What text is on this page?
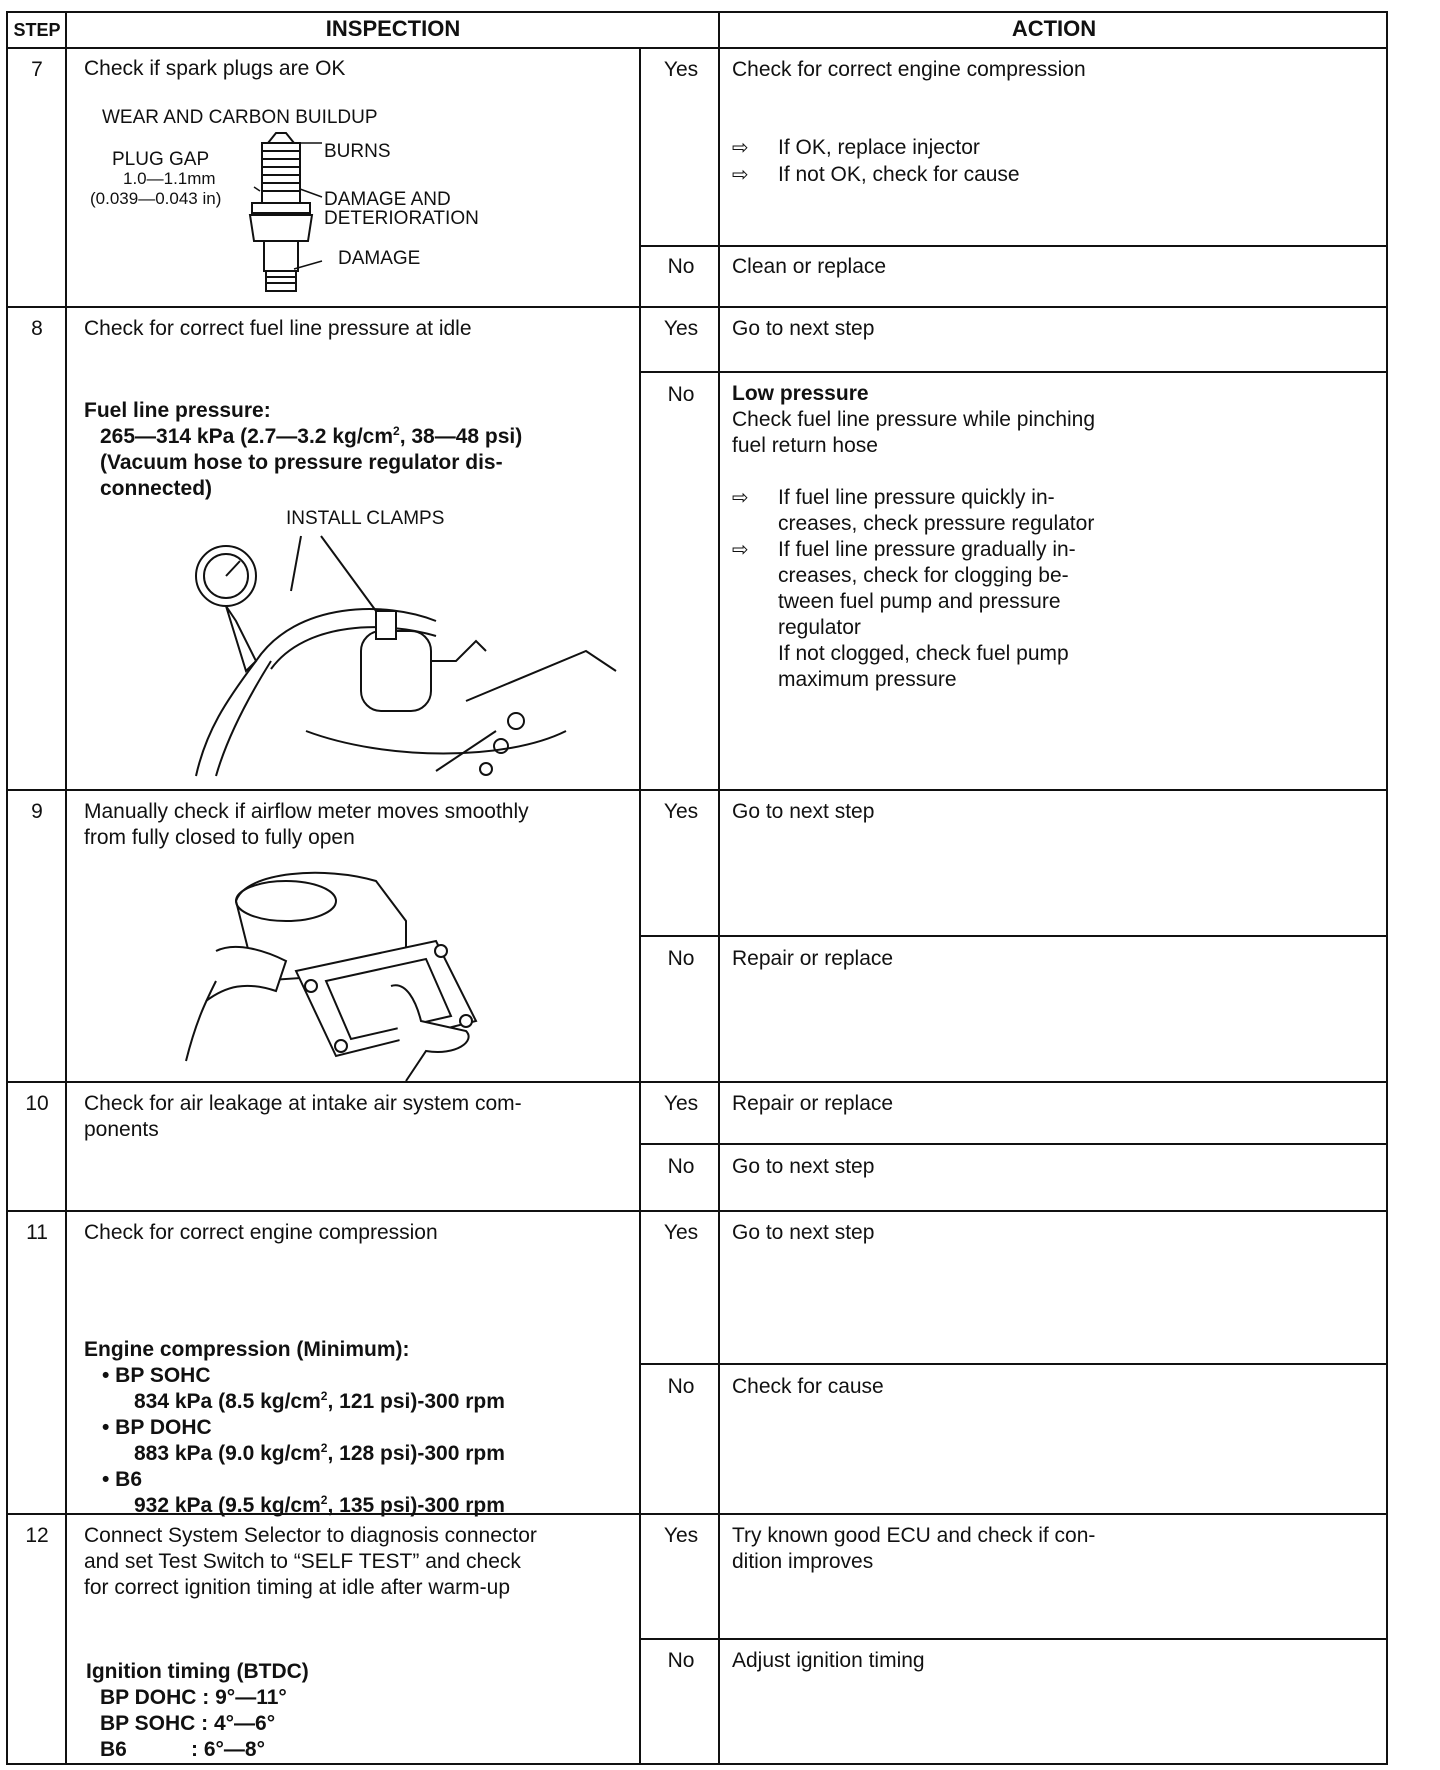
STEP	INSPECTION	ACTION
7	Check if spark plugs are OK
WEAR AND CARBON BUILDUP
PLUG GAP
1.0—1.1mm
(0.039—0.043 in)
BURNS
DAMAGE AND
DETERIORATION
DAMAGE
Yes	Check for correct engine compression
⇨ If OK, replace injector
⇨ If not OK, check for cause
No	Clean or replace
8	Check for correct fuel line pressure at idle
Fuel line pressure:
265—314 kPa (2.7—3.2 $kg/cm^2$, 38—48 psi)
(Vacuum hose to pressure regulator dis-
connected)
INSTALL CLAMPS
Yes	Go to next step
No	Low pressure
Check fuel line pressure while pinching
fuel return hose
⇨ If fuel line pressure quickly in-
creases, check pressure regulator
⇨ If fuel line pressure gradually in-
creases, check for clogging be-
tween fuel pump and pressure
regulator
If not clogged, check fuel pump
maximum pressure
9	Manually check if airflow meter moves smoothly
from fully closed to fully open
Yes	Go to next step
No	Repair or replace
10	Check for air leakage at intake air system com-
ponents
Yes	Repair or replace
No	Go to next step
11	Check for correct engine compression
Engine compression (Minimum):
• BP SOHC
834 kPa (8.5 $kg/cm^2$, 121 psi)-300 rpm
• BP DOHC
883 kPa (9.0 $kg/cm^2$, 128 psi)-300 rpm
• B6
932 kPa (9.5 $kg/cm^2$, 135 psi)-300 rpm
Yes	Go to next step
No	Check for cause
12	Connect System Selector to diagnosis connector
and set Test Switch to “SELF TEST” and check
for correct ignition timing at idle after warm-up
Ignition timing (BTDC)
BP DOHC : 9°—11°
BP SOHC : 4°—6°
B6           : 6°—8°
Yes	Try known good ECU and check if con-
dition improves
No	Adjust ignition timing
